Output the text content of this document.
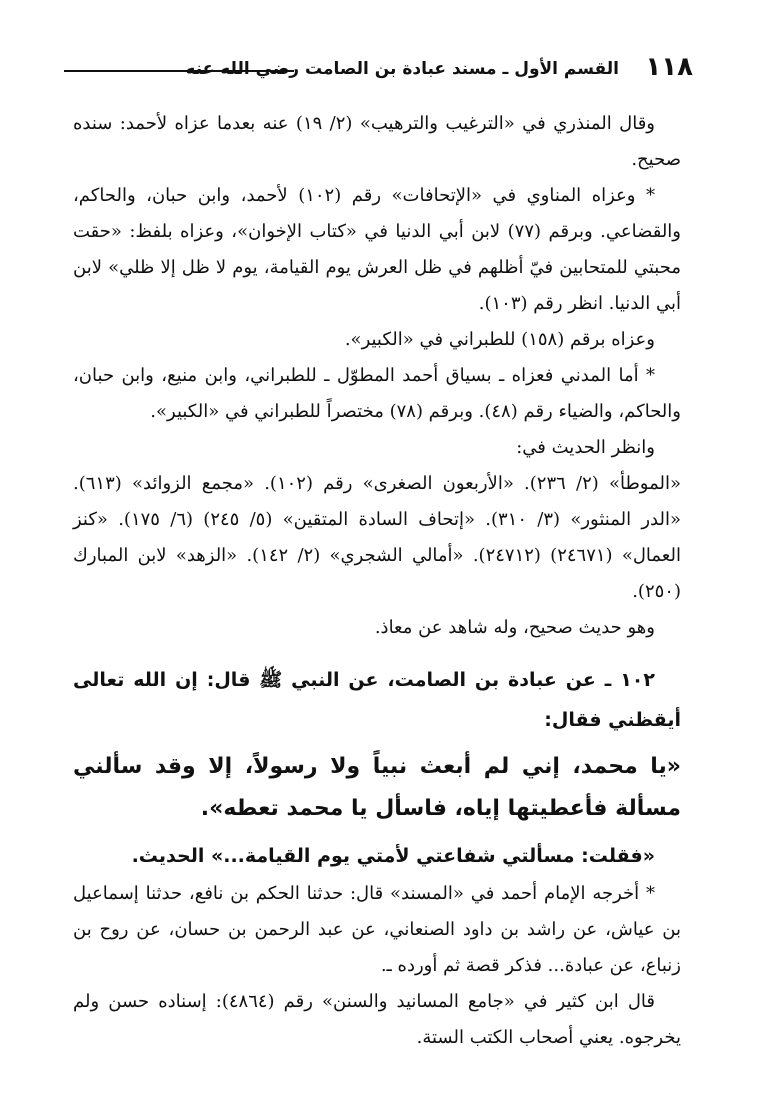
١١٨
القسم الأول ـ مسند عبادة بن الصامت رضي الله عنه

وقال المنذري في «الترغيب والترهيب» (٢/ ١٩) عنه بعدما عزاه لأحمد: سنده صحيح.

* وعزاه المناوي في «الإتحافات» رقم (١٠٢) لأحمد، وابن حبان، والحاكم، والقضاعي. وبرقم (٧٧) لابن أبي الدنيا في «كتاب الإخوان»، وعزاه بلفظ: «حقت محبتي للمتحابين فيّ أظلهم في ظل العرش يوم القيامة، يوم لا ظل إلا ظلي» لابن أبي الدنيا. انظر رقم (١٠٣).

وعزاه برقم (١٥٨) للطبراني في «الكبير».

* أما المدني فعزاه ـ بسياق أحمد المطوّل ـ للطبراني، وابن منيع، وابن حبان، والحاكم، والضياء رقم (٤٨). وبرقم (٧٨) مختصراً للطبراني في «الكبير».

وانظر الحديث في:

«الموطأ» (٢/ ٢٣٦). «الأربعون الصغرى» رقم (١٠٢). «مجمع الزوائد» (٦١٣). «الدر المنثور» (٣/ ٣١٠). «إتحاف السادة المتقين» (٥/ ٢٤٥) (٦/ ١٧٥). «كنز العمال» (٢٤٦٧١) (٢٤٧١٢). «أمالي الشجري» (٢/ ١٤٢). «الزهد» لابن المبارك (٢٥٠).

وهو حديث صحيح، وله شاهد عن معاذ.

١٠٢ ـ عن عبادة بن الصامت، عن النبي ﷺ قال: إن الله تعالى أيقظني فقال:

«يا محمد، إني لم أبعث نبياً ولا رسولاً، إلا وقد سألني مسألة فأعطيتها إياه، فاسأل يا محمد تعطه».

«فقلت: مسألتي شفاعتي لأمتي يوم القيامة...» الحديث.

* أخرجه الإمام أحمد في «المسند» قال: حدثنا الحكم بن نافع، حدثنا إسماعيل بن عياش، عن راشد بن داود الصنعاني، عن عبد الرحمن بن حسان، عن روح بن زنباع، عن عبادة... فذكر قصة ثم أورده ـ.

قال ابن كثير في «جامع المسانيد والسنن» رقم (٤٨٦٤): إسناده حسن ولم يخرجوه. يعني أصحاب الكتب الستة.
